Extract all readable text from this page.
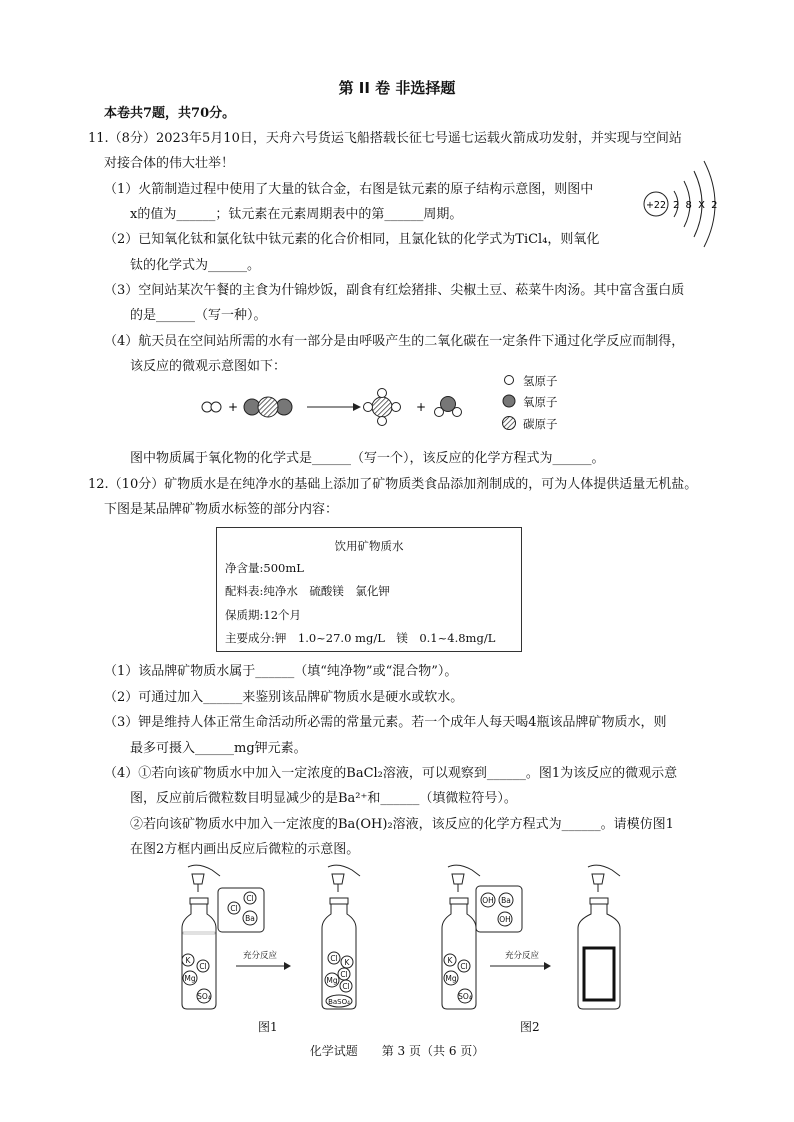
第 II 卷 非选择题
本卷共7题，共70分。
11.（8分）2023年5月10日，天舟六号货运飞船搭载长征七号遥七运载火箭成功发射，并实现与空间站
对接合体的伟大壮举！
（1）火箭制造过程中使用了大量的钛合金，右图是钛元素的原子结构示意图，则图中
x的值为______；钛元素在元素周期表中的第______周期。
（2）已知氧化钛和氯化钛中钛元素的化合价相同，且氯化钛的化学式为TiCl₄，则氧化
钛的化学式为______。
（3）空间站某次午餐的主食为什锦炒饭，副食有红烩猪排、尖椒土豆、菘菜牛肉汤。其中富含蛋白质
的是______（写一种）。
（4）航天员在空间站所需的水有一部分是由呼吸产生的二氧化碳在一定条件下通过化学反应而制得，
该反应的微观示意图如下：
+22 2 8 X 2
+	+
氢原子
氧原子
碳原子
图中物质属于氧化物的化学式是______（写一个），该反应的化学方程式为______。
12.（10分）矿物质水是在纯净水的基础上添加了矿物质类食品添加剂制成的，可为人体提供适量无机盐。
下图是某品牌矿物质水标签的部分内容：
饮用矿物质水
净含量:500mL
配料表:纯净水　硫酸镁　氯化钾
保质期:12个月
主要成分:钾　1.0~27.0 mg/L　镁　0.1~4.8mg/L
（1）该品牌矿物质水属于______（填“纯净物”或“混合物”）。
（2）可通过加入______来鉴别该品牌矿物质水是硬水或软水。
（3）钾是维持人体正常生命活动所必需的常量元素。若一个成年人每天喝4瓶该品牌矿物质水，则
最多可摄入______mg钾元素。
（4）①若向该矿物质水中加入一定浓度的BaCl₂溶液，可以观察到______。图1为该反应的微观示意
图，反应前后微粒数目明显减少的是Ba²⁺和______（填微粒符号）。
②若向该矿物质水中加入一定浓度的Ba(OH)₂溶液，该反应的化学方程式为______。请模仿图1
在图2方框内画出反应后微粒的示意图。
K
Cl
Mg
SO₄
Cl
Cl
Ba
充分反应	Cl K
Cl
Mg
Cl
BaSO₄
K
Cl
Mg
SO₄
OH Ba
OH
充分反应
图1	图2
化学试题　　第 3 页（共 6 页）
